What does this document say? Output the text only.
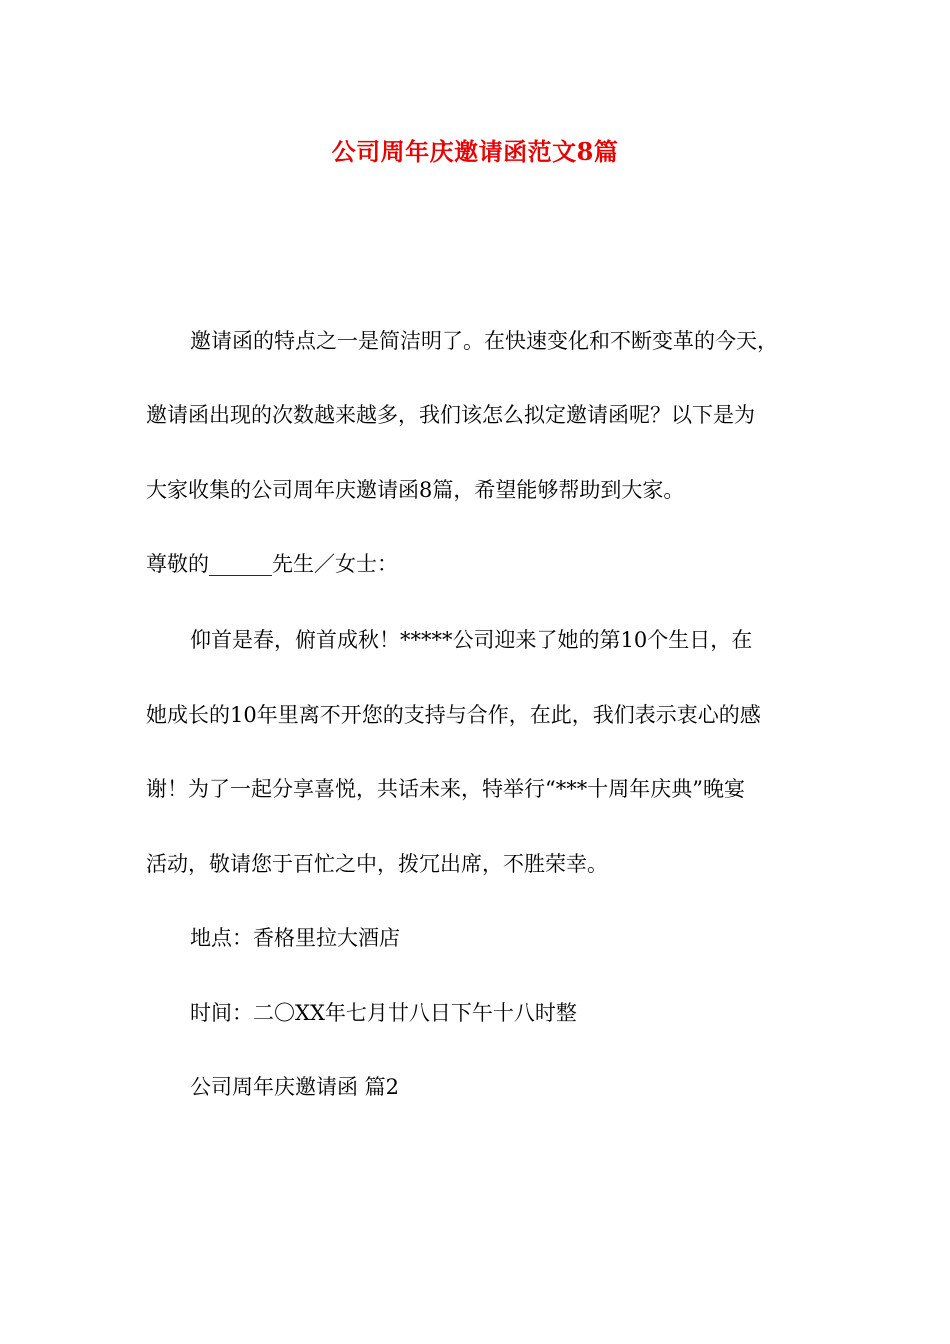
公司周年庆邀请函范文8篇
邀请函的特点之一是简洁明了。在快速变化和不断变革的今天，
邀请函出现的次数越来越多，我们该怎么拟定邀请函呢？以下是为
大家收集的公司周年庆邀请函8篇，希望能够帮助到大家。
尊敬的______先生／女士：
仰首是春，俯首成秋！*****公司迎来了她的第10个生日，在
她成长的10年里离不开您的支持与合作，在此，我们表示衷心的感
谢！为了一起分享喜悦，共话未来，特举行“***十周年庆典”晚宴
活动，敬请您于百忙之中，拨冗出席，不胜荣幸。
地点：香格里拉大酒店
时间：二〇XX年七月廿八日下午十八时整
公司周年庆邀请函 篇2
